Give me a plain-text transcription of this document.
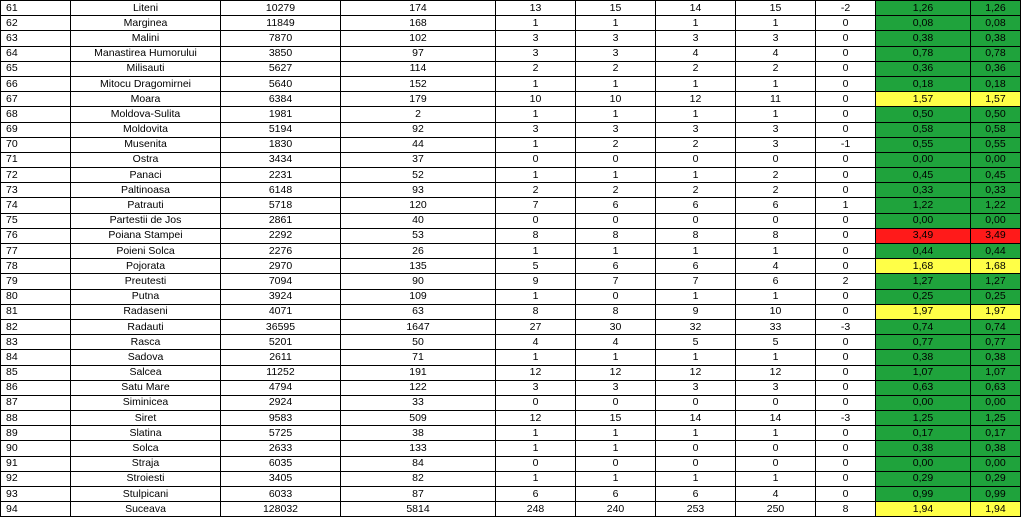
61	Liteni	10279	174	13	15	14	15	-2	1,26	1,26
62	Marginea	11849	168	1	1	1	1	0	0,08	0,08
63	Malini	7870	102	3	3	3	3	0	0,38	0,38
64	Manastirea Humorului	3850	97	3	3	4	4	0	0,78	0,78
65	Milisauti	5627	114	2	2	2	2	0	0,36	0,36
66	Mitocu Dragomirnei	5640	152	1	1	1	1	0	0,18	0,18
67	Moara	6384	179	10	10	12	11	0	1,57	1,57
68	Moldova-Sulita	1981	2	1	1	1	1	0	0,50	0,50
69	Moldovita	5194	92	3	3	3	3	0	0,58	0,58
70	Musenita	1830	44	1	2	2	3	-1	0,55	0,55
71	Ostra	3434	37	0	0	0	0	0	0,00	0,00
72	Panaci	2231	52	1	1	1	2	0	0,45	0,45
73	Paltinoasa	6148	93	2	2	2	2	0	0,33	0,33
74	Patrauti	5718	120	7	6	6	6	1	1,22	1,22
75	Partestii de Jos	2861	40	0	0	0	0	0	0,00	0,00
76	Poiana Stampei	2292	53	8	8	8	8	0	3,49	3,49
77	Poieni Solca	2276	26	1	1	1	1	0	0,44	0,44
78	Pojorata	2970	135	5	6	6	4	0	1,68	1,68
79	Preutesti	7094	90	9	7	7	6	2	1,27	1,27
80	Putna	3924	109	1	0	1	1	0	0,25	0,25
81	Radaseni	4071	63	8	8	9	10	0	1,97	1,97
82	Radauti	36595	1647	27	30	32	33	-3	0,74	0,74
83	Rasca	5201	50	4	4	5	5	0	0,77	0,77
84	Sadova	2611	71	1	1	1	1	0	0,38	0,38
85	Salcea	11252	191	12	12	12	12	0	1,07	1,07
86	Satu Mare	4794	122	3	3	3	3	0	0,63	0,63
87	Siminicea	2924	33	0	0	0	0	0	0,00	0,00
88	Siret	9583	509	12	15	14	14	-3	1,25	1,25
89	Slatina	5725	38	1	1	1	1	0	0,17	0,17
90	Solca	2633	133	1	1	0	0	0	0,38	0,38
91	Straja	6035	84	0	0	0	0	0	0,00	0,00
92	Stroiesti	3405	82	1	1	1	1	0	0,29	0,29
93	Stulpicani	6033	87	6	6	6	4	0	0,99	0,99
94	Suceava	128032	5814	248	240	253	250	8	1,94	1,94
